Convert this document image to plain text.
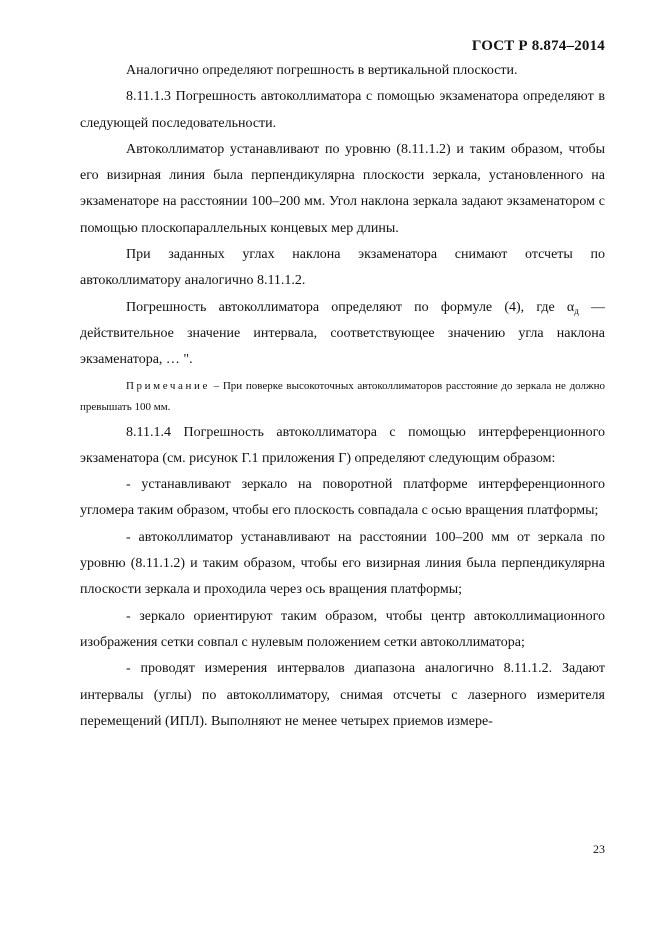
ГОСТ Р 8.874–2014

Аналогично определяют погрешность в вертикальной плоскости.

8.11.1.3 Погрешность автоколлиматора с помощью экзаменатора определяют в следующей последовательности.

Автоколлиматор устанавливают по уровню (8.11.1.2) и таким образом, чтобы его визирная линия была перпендикулярна плоскости зеркала, установленного на экзаменаторе на расстоянии 100–200 мм. Угол наклона зеркала задают экзаменатором с помощью плоскопараллельных концевых мер длины.

При заданных углах наклона экзаменатора снимают отсчеты по автоколлиматору аналогично 8.11.1.2.

Погрешность автоколлиматора определяют по формуле (4), где $\alpha_д$ — действительное значение интервала, соответствующее значению угла наклона экзаменатора, … ".

Примечание – При поверке высокоточных автоколлиматоров расстояние до зеркала не должно превышать 100 мм.

8.11.1.4 Погрешность автоколлиматора с помощью интерференционного экзаменатора (см. рисунок Г.1 приложения Г) определяют следующим образом:

- устанавливают зеркало на поворотной платформе интерференционного угломера таким образом, чтобы его плоскость совпадала с осью вращения платформы;

- автоколлиматор устанавливают на расстоянии 100–200 мм от зеркала по уровню (8.11.1.2) и таким образом, чтобы его визирная линия была перпендикулярна плоскости зеркала и проходила через ось вращения платформы;

- зеркало ориентируют таким образом, чтобы центр автоколлимационного изображения сетки совпал с нулевым положением сетки автоколлиматора;

- проводят измерения интервалов диапазона аналогично 8.11.1.2. Задают интервалы (углы) по автоколлиматору, снимая отсчеты с лазерного измерителя перемещений (ИПЛ). Выполняют не менее четырех приемов измере-

23
